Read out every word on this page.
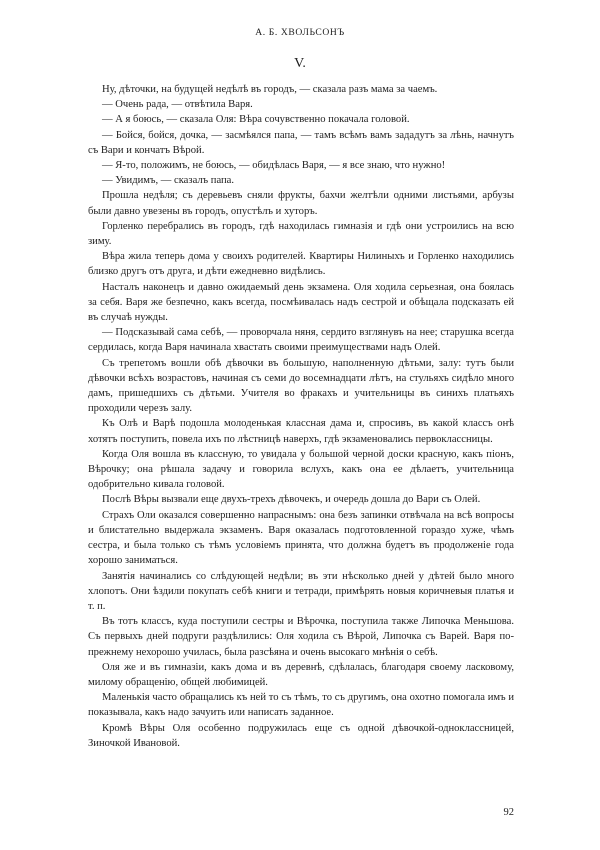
А. Б. ХВОЛЬСОНЪ
V.

Ну, дѣточки, на будущей недѣлѣ въ городъ, — сказала разъ мама за чаемъ.

— Очень рада, — отвѣтила Варя.

— А я боюсь, — сказала Оля: Вѣра сочувственно покачала головой.

— Бойся, бойся, дочка, — засмѣялся папа, — тамъ всѣмъ вамъ зададутъ за лѣнь, начнутъ съ Вари и кончатъ Вѣрой.

— Я-то, положимъ, не боюсь, — обидѣлась Варя, — я все знаю, что нужно!

— Увидимъ, — сказалъ папа.

Прошла недѣля; съ деревьевъ сняли фрукты, бахчи желтѣли одними листьями, арбузы были давно увезены въ городъ, опустѣлъ и хуторъ.

Горленко перебрались въ городъ, гдѣ находилась гимназія и гдѣ они устроились на всю зиму.

Вѣра жила теперь дома у своихъ родителей. Квартиры Нилиныхъ и Горленко находились близко другъ отъ друга, и дѣти ежедневно видѣлись.

Насталъ наконецъ и давно ожидаемый день экзамена. Оля ходила серьезная, она боялась за себя. Варя же безпечно, какъ всегда, посмѣивалась надъ сестрой и обѣщала подсказать ей въ случаѣ нужды.

— Подсказывай сама себѣ, — проворчала няня, сердито взглянувъ на нее; старушка всегда сердилась, когда Варя начинала хвастать своими преимуществами надъ Олей.

Съ трепетомъ вошли обѣ дѣвочки въ большую, наполненную дѣтьми, залу: тутъ были дѣвочки всѣхъ возрастовъ, начиная съ семи до восемнадцати лѣтъ, на стульяхъ сидѣло много дамъ, пришедшихъ съ дѣтьми. Учителя во фракахъ и учительницы въ синихъ платьяхъ проходили черезъ залу.

Къ Олѣ и Варѣ подошла молоденькая классная дама и, спросивъ, въ какой классъ онѣ хотятъ поступить, повела ихъ по лѣстницѣ наверхъ, гдѣ экзаменовались первоклассницы.

Когда Оля вошла въ классную, то увидала у большой черной доски красную, какъ піонъ, Вѣрочку; она рѣшала задачу и говорила вслухъ, какъ она ее дѣлаетъ, учительница одобрительно кивала головой.

Послѣ Вѣры вызвали еще двухъ-трехъ дѣвочекъ, и очередь дошла до Вари съ Олей.

Страхъ Оли оказался совершенно напраснымъ: она безъ запинки отвѣчала на всѣ вопросы и блистательно выдержала экзаменъ. Варя оказалась подготовленной гораздо хуже, чѣмъ сестра, и была только съ тѣмъ условіемъ принята, что должна будетъ въ продолженіе года хорошо заниматься.

Занятія начинались со слѣдующей недѣли; въ эти нѣсколько дней у дѣтей было много хлопотъ. Они ѣздили покупать себѣ книги и тетради, примѣрять новыя коричневыя платья и т. п.

Въ тотъ классъ, куда поступили сестры и Вѣрочка, поступила также Липочка Меньшова. Съ первыхъ дней подруги раздѣлились: Оля ходила съ Вѣрой, Липочка съ Варей. Варя по-прежнему нехорошо училась, была разсѣяна и очень высокаго мнѣнія о себѣ.

Оля же и въ гимназіи, какъ дома и въ деревнѣ, сдѣлалась, благодаря своему ласковому, милому обращенію, общей любимицей.

Маленькія часто обращались къ ней то съ тѣмъ, то съ другимъ, она охотно помогала имъ и показывала, какъ надо зачуить или написать заданное.

Кромѣ Вѣры Оля особенно подружилась еще съ одной дѣвочкой-одноклассницей, Зиночкой Ивановой.

92
